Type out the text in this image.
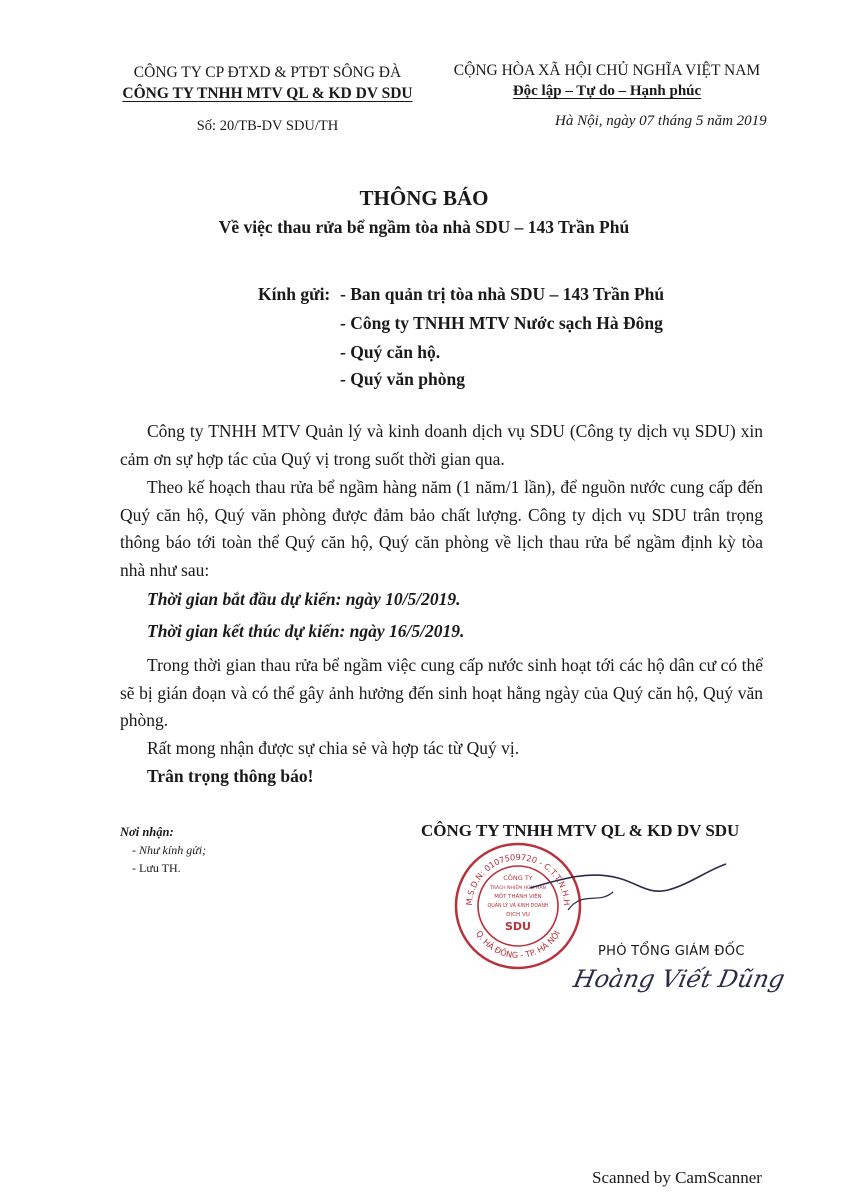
CÔNG TY CP ĐTXD & PTĐT SÔNG ĐÀ
CÔNG TY TNHH MTV QL & KD DV SDU
Số: 20/TB-DV SDU/TH
CỘNG HÒA XÃ HỘI CHỦ NGHĨA VIỆT NAM
Độc lập – Tự do – Hạnh phúc
Hà Nội, ngày 07 tháng 5 năm 2019
THÔNG BÁO
Về việc thau rửa bể ngầm tòa nhà SDU – 143 Trần Phú
Kính gửi: - Ban quản trị tòa nhà SDU – 143 Trần Phú
- Công ty TNHH MTV Nước sạch Hà Đông
- Quý căn hộ.
- Quý văn phòng
Công ty TNHH MTV Quản lý và kinh doanh dịch vụ SDU (Công ty dịch vụ SDU) xin cảm ơn sự hợp tác của Quý vị trong suốt thời gian qua.
Theo kế hoạch thau rửa bể ngầm hàng năm (1 năm/1 lần), để nguồn nước cung cấp đến Quý căn hộ, Quý văn phòng được đảm bảo chất lượng. Công ty dịch vụ SDU trân trọng thông báo tới toàn thể Quý căn hộ, Quý căn phòng về lịch thau rửa bể ngầm định kỳ tòa nhà như sau:
Thời gian bắt đầu dự kiến: ngày 10/5/2019.
Thời gian kết thúc dự kiến: ngày 16/5/2019.
Trong thời gian thau rửa bể ngầm việc cung cấp nước sinh hoạt tới các hộ dân cư có thể sẽ bị gián đoạn và có thể gây ảnh hưởng đến sinh hoạt hằng ngày của Quý căn hộ, Quý văn phòng.
Rất mong nhận được sự chia sẻ và hợp tác từ Quý vị.
Trân trọng thông báo!
Nơi nhận:
- Như kính gửi;
- Lưu TH.
CÔNG TY TNHH MTV QL & KD DV SDU
M.S.D.N: 0107509720 - C.T.T.N.H.H
Q. HÀ ĐÔNG - TP. HÀ NỘI
CÔNG TY
TRÁCH NHIỆM HỮU HẠN
MỘT THÀNH VIÊN
QUẢN LÝ VÀ KINH DOANH
DỊCH VỤ
SDU
PHÓ TỔNG GIÁM ĐỐC
Hoàng Viết Dũng
Scanned by CamScanner
